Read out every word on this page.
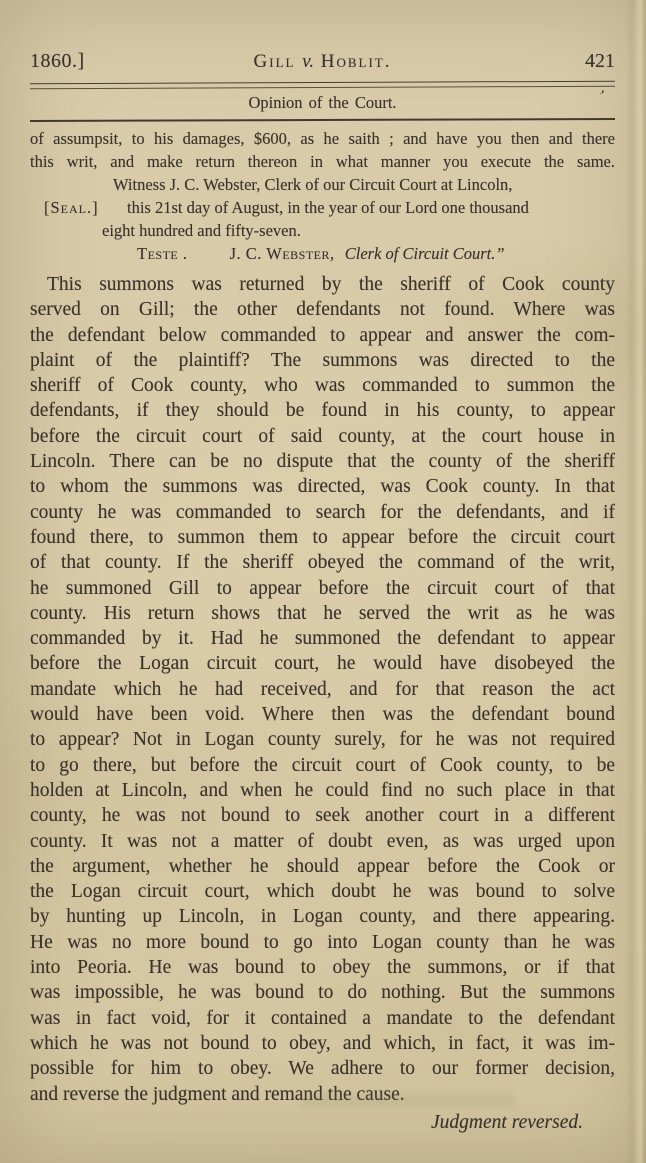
1860.]	Gill v. Hoblit.	421
Opinion of the Court.	’
of assumpsit, to his damages, $600, as he saith ; and have you then and there
this writ, and make return thereon in what manner you execute the same.
Witness J. C. Webster, Clerk of our Circuit Court at Lincoln,
[Seal.]	this 21st day of August, in the year of our Lord one thousand
eight hundred and fifty-seven.
Teste .	J. C. Webster, Clerk of Circuit Court.”
This summons was returned by the sheriff of Cook county
served on Gill; the other defendants not found. Where was
the defendant below commanded to appear and answer the com-
plaint of the plaintiff? The summons was directed to the
sheriff of Cook county, who was commanded to summon the
defendants, if they should be found in his county, to appear
before the circuit court of said county, at the court house in
Lincoln. There can be no dispute that the county of the sheriff
to whom the summons was directed, was Cook county. In that
county he was commanded to search for the defendants, and if
found there, to summon them to appear before the circuit court
of that county. If the sheriff obeyed the command of the writ,
he summoned Gill to appear before the circuit court of that
county. His return shows that he served the writ as he was
commanded by it. Had he summoned the defendant to appear
before the Logan circuit court, he would have disobeyed the
mandate which he had received, and for that reason the act
would have been void. Where then was the defendant bound
to appear? Not in Logan county surely, for he was not required
to go there, but before the circuit court of Cook county, to be
holden at Lincoln, and when he could find no such place in that
county, he was not bound to seek another court in a different
county. It was not a matter of doubt even, as was urged upon
the argument, whether he should appear before the Cook or
the Logan circuit court, which doubt he was bound to solve
by hunting up Lincoln, in Logan county, and there appearing.
He was no more bound to go into Logan county than he was
into Peoria. He was bound to obey the summons, or if that
was impossible, he was bound to do nothing. But the summons
was in fact void, for it contained a mandate to the defendant
which he was not bound to obey, and which, in fact, it was im-
possible for him to obey. We adhere to our former decision,
and reverse the judgment and remand the cause.
Judgment reversed.
